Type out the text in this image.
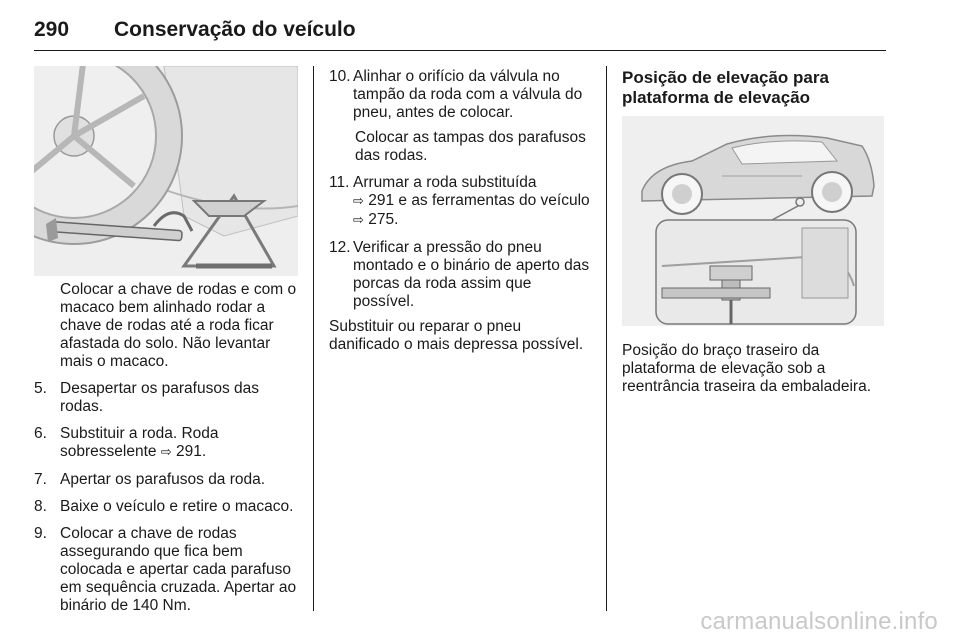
290 Conservação do veículo

Colocar a chave de rodas e com o macaco bem alinhado rodar a chave de rodas até a roda ficar afastada do solo. Não levantar mais o macaco.

5. Desapertar os parafusos das rodas.
6. Substituir a roda. Roda sobresselente ⇨ 291.
7. Apertar os parafusos da roda.
8. Baixe o veículo e retire o macaco.
9. Colocar a chave de rodas assegurando que fica bem colocada e apertar cada parafuso em sequência cruzada. Apertar ao binário de 140 Nm.
10. Alinhar o orifício da válvula no tampão da roda com a válvula do pneu, antes de colocar.

Colocar as tampas dos parafusos das rodas.

11. Arrumar a roda substituída
⇨ 291 e as ferramentas do veículo ⇨ 275.
12. Verificar a pressão do pneu montado e o binário de aperto das porcas da roda assim que possível.

Substituir ou reparar o pneu danificado o mais depressa possível.

Posição de elevação para plataforma de elevação

Posição do braço traseiro da plataforma de elevação sob a reentrância traseira da embaladeira.

carmanualsonline.info
